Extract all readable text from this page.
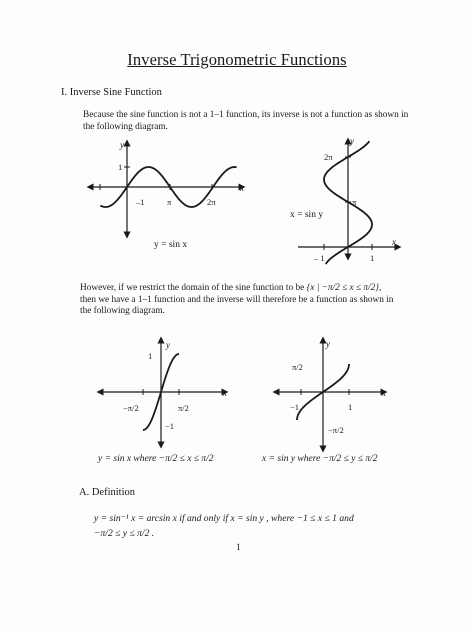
Inverse Trigonometric Functions
I. Inverse Sine Function
Because the sine function is not a 1–1 function, its inverse is not a function as shown in
the following diagram.
y
x
1
–1	π	2π
y = sin x
y
x
2π
π
x = sin y
– 1	1
However, if we restrict the domain of the sine function to be {x | −π/2 ≤ x ≤ π/2},
then we have a 1–1 function and the inverse will therefore be a function as shown in
the following diagram.
y
x
1
−π/2	π/2
−1
y = sin x where −π/2 ≤ x ≤ π/2
y
x
π/2
−1	1
−π/2
x = sin y where −π/2 ≤ y ≤ π/2
A. Definition
y = sin⁻¹ x = arcsin x if and only if x = sin y , where −1 ≤ x ≤ 1 and
−π/2 ≤ y ≤ π/2 .
1
